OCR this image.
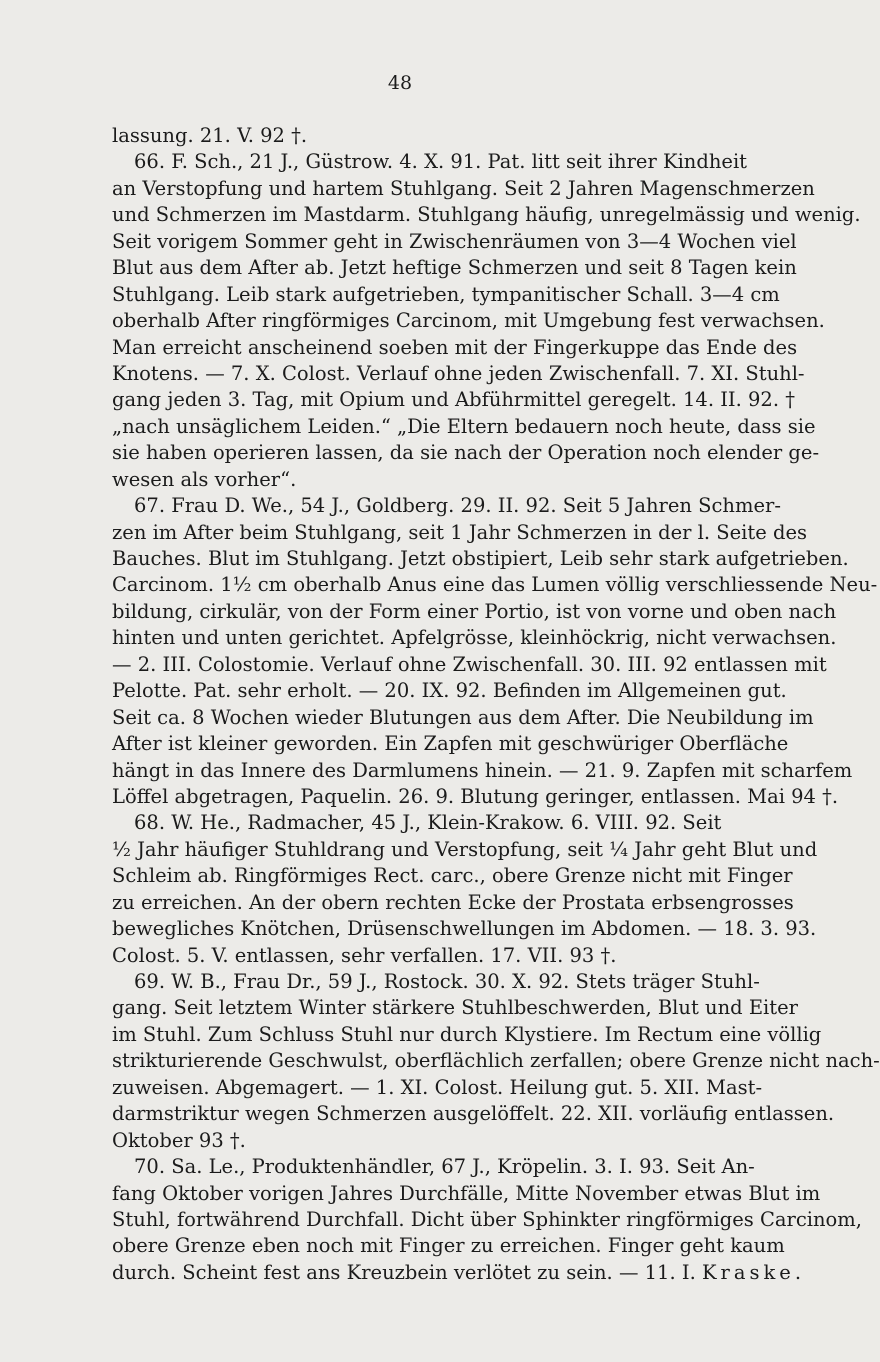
48
lassung. 21. V. 92 †.
66. F. Sch., 21 J., Güstrow. 4. X. 91. Pat. litt seit ihrer Kindheit
an Verstopfung und hartem Stuhlgang. Seit 2 Jahren Magenschmerzen
und Schmerzen im Mastdarm. Stuhlgang häufig, unregelmässig und wenig.
Seit vorigem Sommer geht in Zwischenräumen von 3—4 Wochen viel
Blut aus dem After ab. Jetzt heftige Schmerzen und seit 8 Tagen kein
Stuhlgang. Leib stark aufgetrieben, tympanitischer Schall. 3—4 cm
oberhalb After ringförmiges Carcinom, mit Umgebung fest verwachsen.
Man erreicht anscheinend soeben mit der Fingerkuppe das Ende des
Knotens. — 7. X. Colost. Verlauf ohne jeden Zwischenfall. 7. XI. Stuhl-
gang jeden 3. Tag, mit Opium und Abführmittel geregelt. 14. II. 92. †
„nach unsäglichem Leiden.“ „Die Eltern bedauern noch heute, dass sie
sie haben operieren lassen, da sie nach der Operation noch elender ge-
wesen als vorher“.
67. Frau D. We., 54 J., Goldberg. 29. II. 92. Seit 5 Jahren Schmer-
zen im After beim Stuhlgang, seit 1 Jahr Schmerzen in der l. Seite des
Bauches. Blut im Stuhlgang. Jetzt obstipiert, Leib sehr stark aufgetrieben.
Carcinom. 1½ cm oberhalb Anus eine das Lumen völlig verschliessende Neu-
bildung, cirkulär, von der Form einer Portio, ist von vorne und oben nach
hinten und unten gerichtet. Apfelgrösse, kleinhöckrig, nicht verwachsen.
— 2. III. Colostomie. Verlauf ohne Zwischenfall. 30. III. 92 entlassen mit
Pelotte. Pat. sehr erholt. — 20. IX. 92. Befinden im Allgemeinen gut.
Seit ca. 8 Wochen wieder Blutungen aus dem After. Die Neubildung im
After ist kleiner geworden. Ein Zapfen mit geschwüriger Oberfläche
hängt in das Innere des Darmlumens hinein. — 21. 9. Zapfen mit scharfem
Löffel abgetragen, Paquelin. 26. 9. Blutung geringer, entlassen. Mai 94 †.
68. W. He., Radmacher, 45 J., Klein-Krakow. 6. VIII. 92. Seit
½ Jahr häufiger Stuhldrang und Verstopfung, seit ¼ Jahr geht Blut und
Schleim ab. Ringförmiges Rect. carc., obere Grenze nicht mit Finger
zu erreichen. An der obern rechten Ecke der Prostata erbsengrosses
bewegliches Knötchen, Drüsenschwellungen im Abdomen. — 18. 3. 93.
Colost. 5. V. entlassen, sehr verfallen. 17. VII. 93 †.
69. W. B., Frau Dr., 59 J., Rostock. 30. X. 92. Stets träger Stuhl-
gang. Seit letztem Winter stärkere Stuhlbeschwerden, Blut und Eiter
im Stuhl. Zum Schluss Stuhl nur durch Klystiere. Im Rectum eine völlig
strikturierende Geschwulst, oberflächlich zerfallen; obere Grenze nicht nach-
zuweisen. Abgemagert. — 1. XI. Colost. Heilung gut. 5. XII. Mast-
darmstriktur wegen Schmerzen ausgelöffelt. 22. XII. vorläufig entlassen.
Oktober 93 †.
70. Sa. Le., Produktenhändler, 67 J., Kröpelin. 3. I. 93. Seit An-
fang Oktober vorigen Jahres Durchfälle, Mitte November etwas Blut im
Stuhl, fortwährend Durchfall. Dicht über Sphinkter ringförmiges Carcinom,
obere Grenze eben noch mit Finger zu erreichen. Finger geht kaum
durch. Scheint fest ans Kreuzbein verlötet zu sein. — 11. I. Kraske.
